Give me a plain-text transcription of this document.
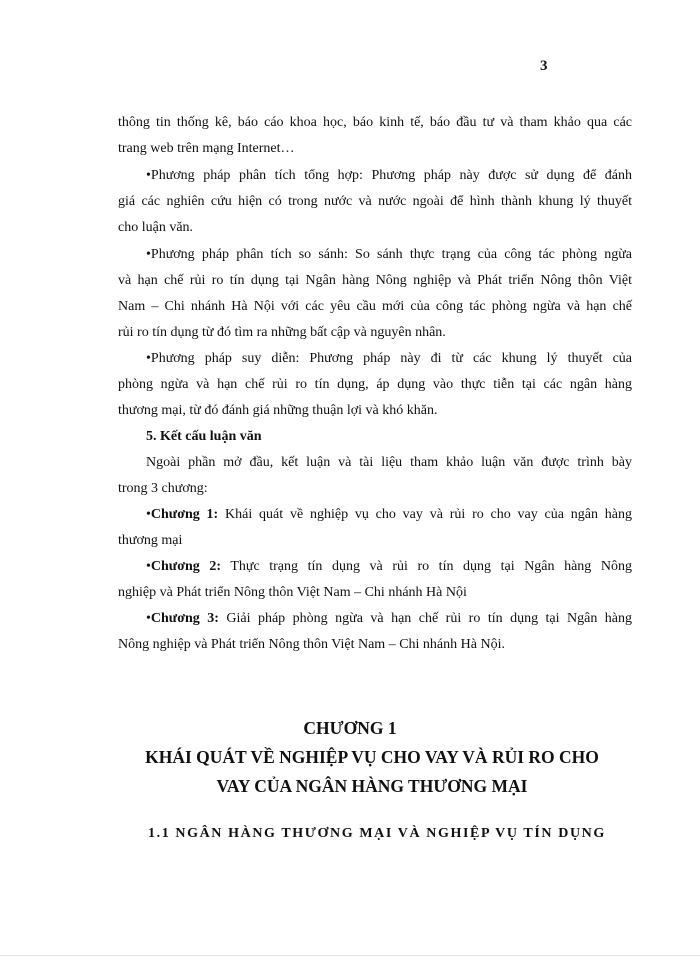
3
thông tin thống kê, báo cáo khoa học, báo kinh tế, báo đầu tư và tham khảo qua các
trang web trên mạng Internet…
•Phương pháp phân tích tổng hợp: Phương pháp này được sử dụng để đánh
giá các nghiên cứu hiện có trong nước và nước ngoài để hình thành khung lý thuyết
cho luận văn.
•Phương pháp phân tích so sánh: So sánh thực trạng của công tác phòng ngừa
và hạn chế rủi ro tín dụng tại Ngân hàng Nông nghiệp và Phát triển Nông thôn Việt
Nam – Chi nhánh Hà Nội với các yêu cầu mới của công tác phòng ngừa và hạn chế
rủi ro tín dụng từ đó tìm ra những bất cập và nguyên nhân.
•Phương pháp suy diễn: Phương pháp này đi từ các khung lý thuyết của
phòng ngừa và hạn chế rủi ro tín dụng, áp dụng vào thực tiễn tại các ngân hàng
thương mại, từ đó đánh giá những thuận lợi và khó khăn.
5. Kết cấu luận văn
Ngoài phần mở đầu, kết luận và tài liệu tham khảo luận văn được trình bày
trong 3 chương:
•Chương 1: Khái quát về nghiệp vụ cho vay và rủi ro cho vay của ngân hàng
thương mại
•Chương 2: Thực trạng tín dụng và rủi ro tín dụng tại Ngân hàng Nông
nghiệp và Phát triển Nông thôn Việt Nam – Chi nhánh Hà Nội
•Chương 3: Giải pháp phòng ngừa và hạn chế rủi ro tín dụng tại Ngân hàng
Nông nghiệp và Phát triển Nông thôn Việt Nam – Chi nhánh Hà Nội.
CHƯƠNG 1
KHÁI QUÁT VỀ NGHIỆP VỤ CHO VAY VÀ RỦI RO CHO
VAY CỦA NGÂN HÀNG THƯƠNG MẠI
1.1 NGÂN HÀNG THƯƠNG MẠI VÀ NGHIỆP VỤ TÍN DỤNG
